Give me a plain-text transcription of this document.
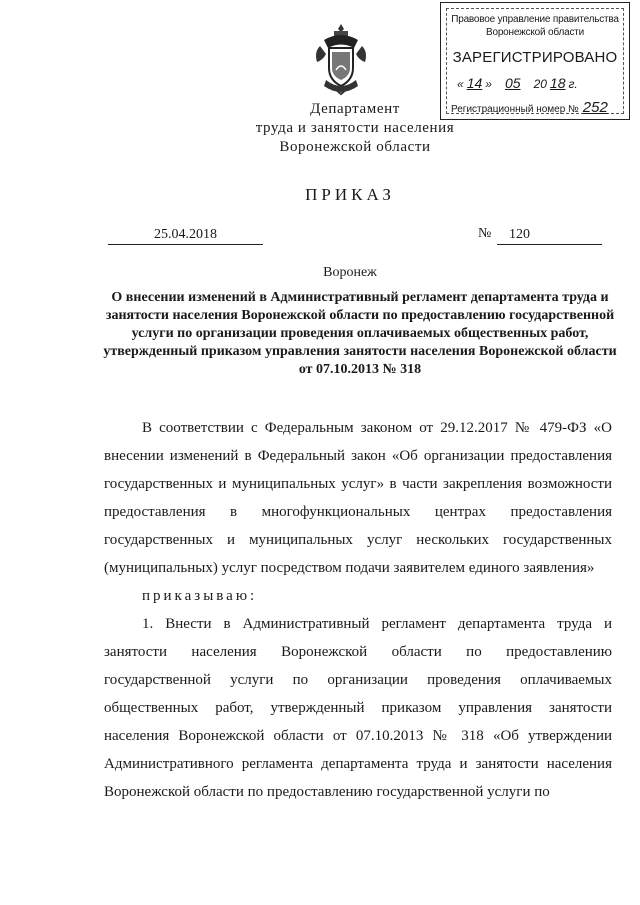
Правовое управление правительства
Воронежской области
ЗАРЕГИСТРИРОВАНО
« 14 » 05 20 18 г.
Регистрационный номер № 252
Департамент
труда и занятости населения
Воронежской области
ПРИКАЗ
25.04.2018	№	120
Воронеж
О внесении изменений в Административный регламент департамента труда и занятости населения Воронежской области по предоставлению государственной услуги по организации проведения оплачиваемых общественных работ, утвержденный приказом управления занятости населения Воронежской области от 07.10.2013 № 318

В соответствии с Федеральным законом от 29.12.2017 № 479-ФЗ «О внесении изменений в Федеральный закон «Об организации предоставления государственных и муниципальных услуг» в части закрепления возможности предоставления в многофункциональных центрах предоставления государственных и муниципальных услуг нескольких государственных (муниципальных) услуг посредством подачи заявителем единого заявления»

приказываю:

1. Внести в Административный регламент департамента труда и занятости населения Воронежской области по предоставлению государственной услуги по организации проведения оплачиваемых общественных работ, утвержденный приказом управления занятости населения Воронежской области от 07.10.2013 № 318 «Об утверждении Административного регламента департамента труда и занятости населения Воронежской области по предоставлению государственной услуги по
